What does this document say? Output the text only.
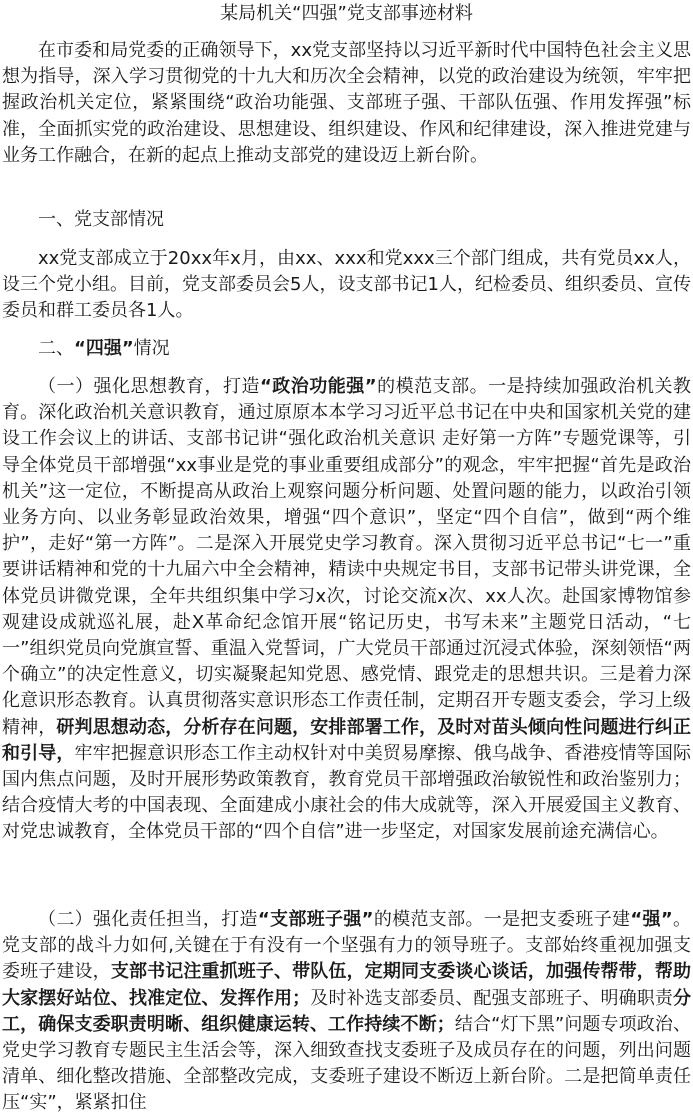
某局机关“四强”党支部事迹材料

在市委和局党委的正确领导下，xx党支部坚持以习近平新时代中国特色社会主义思想为指导，深入学习贯彻党的十九大和历次全会精神，以党的政治建设为统领，牢牢把握政治机关定位，紧紧围绕“政治功能强、支部班子强、干部队伍强、作用发挥强”标准，全面抓实党的政治建设、思想建设、组织建设、作风和纪律建设，深入推进党建与业务工作融合，在新的起点上推动支部党的建设迈上新台阶。

一、党支部情况

xx党支部成立于20xx年x月，由xx、xxx和党xxx三个部门组成，共有党员xx人，设三个党小组。目前，党支部委员会5人，设支部书记1人，纪检委员、组织委员、宣传委员和群工委员各1人。

二、“四强”情况

（一）强化思想教育，打造“政治功能强”的模范支部。一是持续加强政治机关教育。深化政治机关意识教育，通过原原本本学习习近平总书记在中央和国家机关党的建设工作会议上的讲话、支部书记讲“强化政治机关意识 走好第一方阵”专题党课等，引导全体党员干部增强“xx事业是党的事业重要组成部分”的观念，牢牢把握“首先是政治机关”这一定位，不断提高从政治上观察问题分析问题、处置问题的能力，以政治引领业务方向、以业务彰显政治效果，增强“四个意识”，坚定“四个自信”，做到“两个维护”，走好“第一方阵”。二是深入开展党史学习教育。深入贯彻习近平总书记“七一”重要讲话精神和党的十九届六中全会精神，精读中央规定书目，支部书记带头讲党课，全体党员讲微党课，全年共组织集中学习x次，讨论交流x次、xx人次。赴国家博物馆参观建设成就巡礼展，赴X革命纪念馆开展“铭记历史，书写未来”主题党日活动，“七一”组织党员向党旗宣誓、重温入党誓词，广大党员干部通过沉浸式体验，深刻领悟“两个确立”的决定性意义，切实凝聚起知党恩、感党情、跟党走的思想共识。三是着力深化意识形态教育。认真贯彻落实意识形态工作责任制，定期召开专题支委会，学习上级精神，研判思想动态，分析存在问题，安排部署工作，及时对苗头倾向性问题进行纠正和引导，牢牢把握意识形态工作主动权针对中美贸易摩擦、俄乌战争、香港疫情等国际国内焦点问题，及时开展形势政策教育，教育党员干部增强政治敏锐性和政治鉴别力；结合疫情大考的中国表现、全面建成小康社会的伟大成就等，深入开展爱国主义教育、对党忠诚教育，全体党员干部的“四个自信”进一步坚定，对国家发展前途充满信心。

（二）强化责任担当，打造“支部班子强”的模范支部。一是把支委班子建“强”。党支部的战斗力如何,关键在于有没有一个坚强有力的领导班子。支部始终重视加强支委班子建设，支部书记注重抓班子、带队伍，定期同支委谈心谈话，加强传帮带，帮助大家摆好站位、找准定位、发挥作用；及时补选支部委员、配强支部班子、明确职责分工，确保支委职责明晰、组织健康运转、工作持续不断；结合“灯下黑”问题专项政治、党史学习教育专题民主生活会等，深入细致查找支委班子及成员存在的问题，列出问题清单、细化整改措施、全部整改完成，支委班子建设不断迈上新台阶。二是把简单责任压“实”，紧紧扣住
